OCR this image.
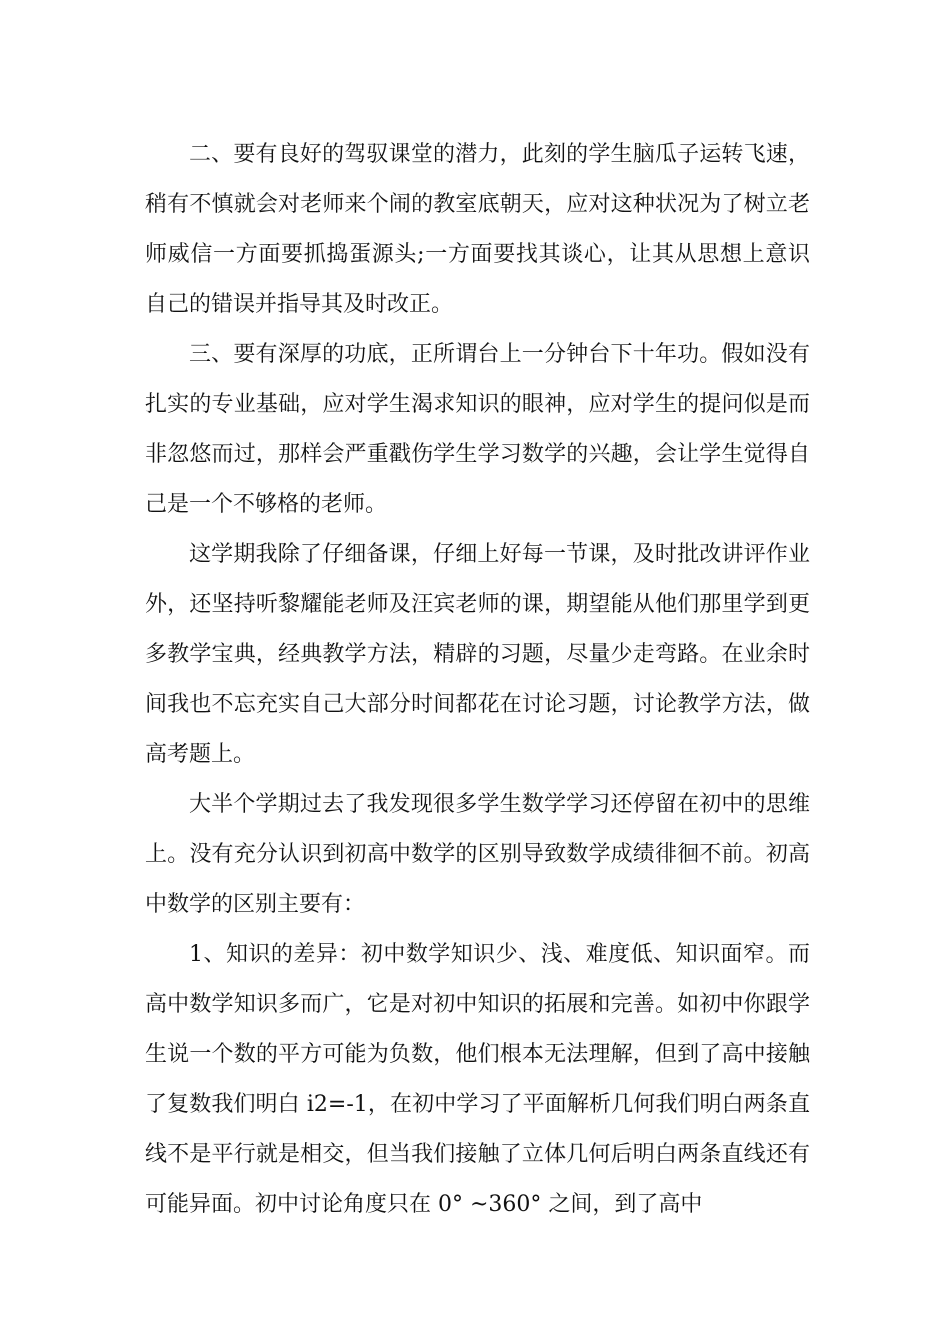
二、要有良好的驾驭课堂的潜力，此刻的学生脑瓜子运转飞速，稍有不慎就会对老师来个闹的教室底朝天，应对这种状况为了树立老师威信一方面要抓捣蛋源头;一方面要找其谈心，让其从思想上意识自己的错误并指导其及时改正。

三、要有深厚的功底，正所谓台上一分钟台下十年功。假如没有扎实的专业基础，应对学生渴求知识的眼神，应对学生的提问似是而非忽悠而过，那样会严重戳伤学生学习数学的兴趣，会让学生觉得自己是一个不够格的老师。

这学期我除了仔细备课，仔细上好每一节课，及时批改讲评作业外，还坚持听黎耀能老师及汪宾老师的课，期望能从他们那里学到更多教学宝典，经典教学方法，精辟的习题，尽量少走弯路。在业余时间我也不忘充实自己大部分时间都花在讨论习题，讨论教学方法，做高考题上。

大半个学期过去了我发现很多学生数学学习还停留在初中的思维上。没有充分认识到初高中数学的区别导致数学成绩徘徊不前。初高中数学的区别主要有：

1、知识的差异：初中数学知识少、浅、难度低、知识面窄。而高中数学知识多而广，它是对初中知识的拓展和完善。如初中你跟学生说一个数的平方可能为负数，他们根本无法理解，但到了高中接触了复数我们明白 i2=-1，在初中学习了平面解析几何我们明白两条直线不是平行就是相交，但当我们接触了立体几何后明白两条直线还有可能异面。初中讨论角度只在 0° ~360° 之间，到了高中
